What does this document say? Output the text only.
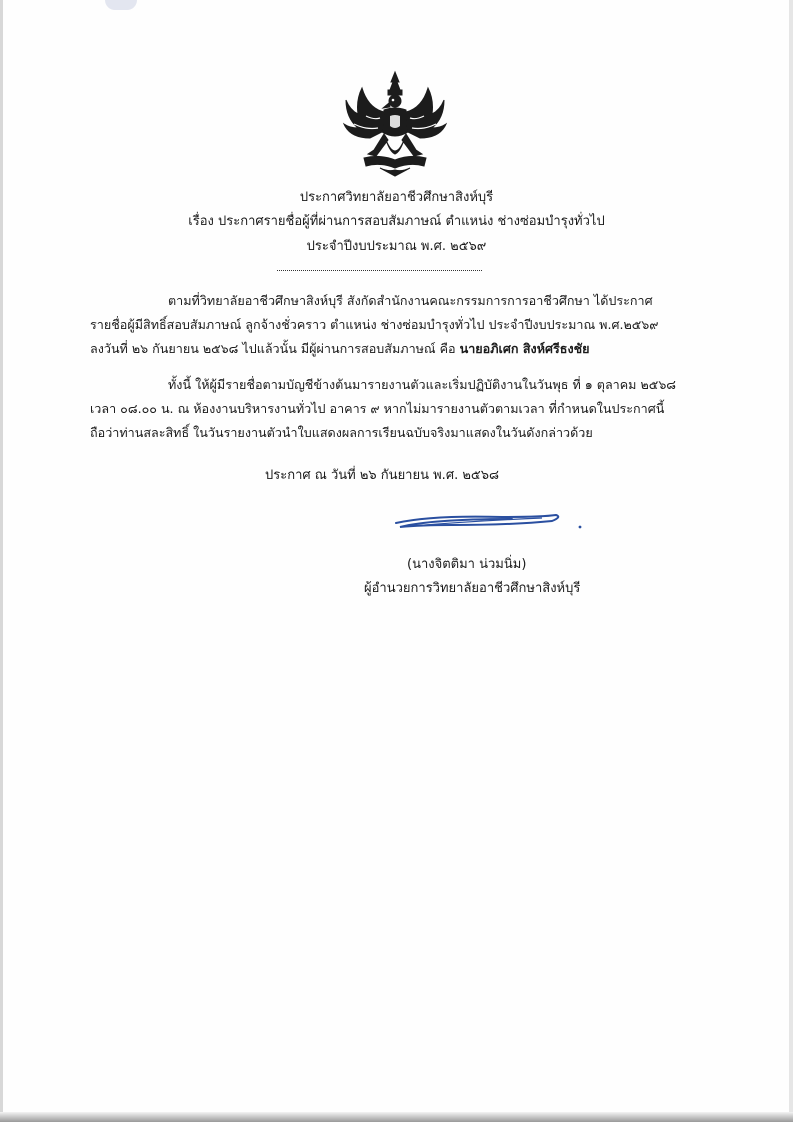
ประกาศวิทยาลัยอาชีวศึกษาสิงห์บุรี
เรื่อง ประกาศรายชื่อผู้ที่ผ่านการสอบสัมภาษณ์ ตำแหน่ง ช่างซ่อมบำรุงทั่วไป
ประจำปีงบประมาณ พ.ศ. ๒๕๖๙
ตามที่วิทยาลัยอาชีวศึกษาสิงห์บุรี สังกัดสำนักงานคณะกรรมการการอาชีวศึกษา ได้ประกาศ
รายชื่อผู้มีสิทธิ์สอบสัมภาษณ์ ลูกจ้างชั่วคราว ตำแหน่ง ช่างซ่อมบำรุงทั่วไป ประจำปีงบประมาณ พ.ศ.๒๕๖๙
ลงวันที่ ๒๖ กันยายน ๒๕๖๘ ไปแล้วนั้น มีผู้ผ่านการสอบสัมภาษณ์ คือ นายอภิเศก สิงห์ศรีธงชัย
ทั้งนี้ ให้ผู้มีรายชื่อตามบัญชีข้างต้นมารายงานตัวและเริ่มปฏิบัติงานในวันพุธ ที่ ๑ ตุลาคม ๒๕๖๘
เวลา ๐๘.๐๐ น. ณ ห้องงานบริหารงานทั่วไป อาคาร ๙ หากไม่มารายงานตัวตามเวลา ที่กำหนดในประกาศนี้
ถือว่าท่านสละสิทธิ์ ในวันรายงานตัวนำใบแสดงผลการเรียนฉบับจริงมาแสดงในวันดังกล่าวด้วย
ประกาศ ณ วันที่ ๒๖ กันยายน พ.ศ. ๒๕๖๘
(นางจิตติมา น่วมนิ่ม)
ผู้อำนวยการวิทยาลัยอาชีวศึกษาสิงห์บุรี
